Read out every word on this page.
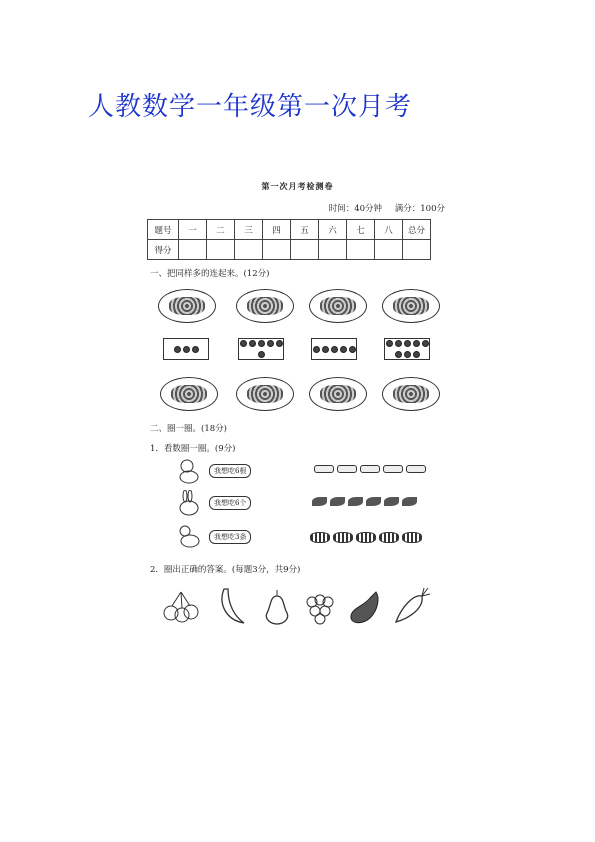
人教数学一年级第一次月考
第一次月考检测卷
时间：40分钟 满分：100分
题号	一	二	三	四	五	六	七	八	总分
得分									
一、把同样多的连起来。(12分)
二、圈一圈。(18分)
1．看数圈一圈。(9分)
我想吃6根
我想吃6个
我想吃3条
2．圈出正确的答案。(每题3分，共9分)
